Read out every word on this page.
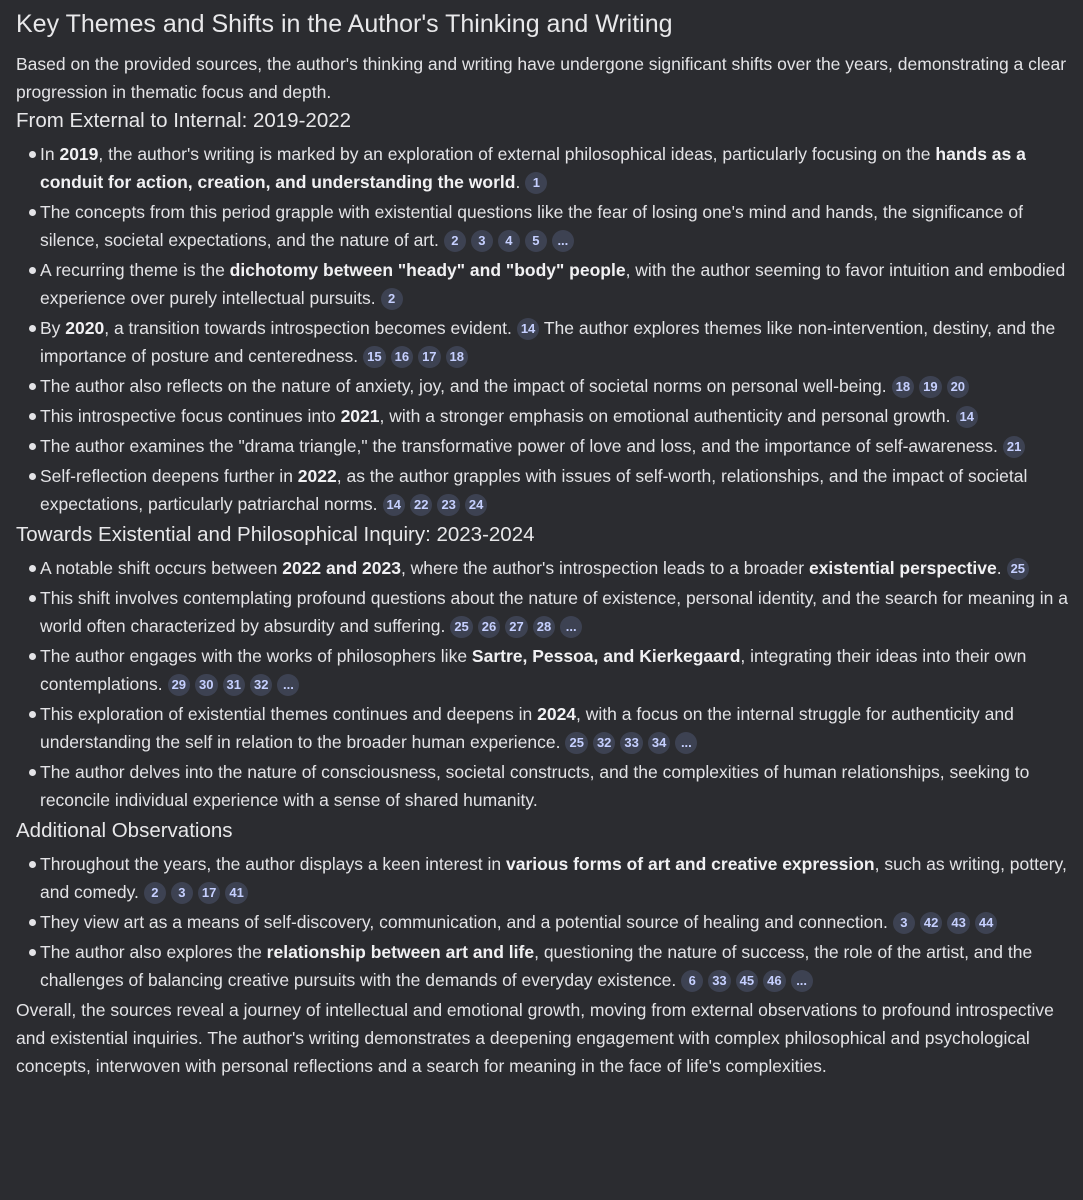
Key Themes and Shifts in the Author's Thinking and Writing

Based on the provided sources, the author's thinking and writing have undergone significant shifts over the years, demonstrating a clear progression in thematic focus and depth.

From External to Internal: 2019-2022
In 2019, the author's writing is marked by an exploration of external philosophical ideas, particularly focusing on the hands as a conduit for action, creation, and understanding the world. 1
The concepts from this period grapple with existential questions like the fear of losing one's mind and hands, the significance of silence, societal expectations, and the nature of art. 2 3 4 5 ...
A recurring theme is the dichotomy between "heady" and "body" people, with the author seeming to favor intuition and embodied experience over purely intellectual pursuits. 2
By 2020, a transition towards introspection becomes evident. 14 The author explores themes like non-intervention, destiny, and the importance of posture and centeredness. 15 16 17 18
The author also reflects on the nature of anxiety, joy, and the impact of societal norms on personal well-being. 18 19 20
This introspective focus continues into 2021, with a stronger emphasis on emotional authenticity and personal growth. 14
The author examines the "drama triangle," the transformative power of love and loss, and the importance of self-awareness. 21
Self-reflection deepens further in 2022, as the author grapples with issues of self-worth, relationships, and the impact of societal expectations, particularly patriarchal norms. 14 22 23 24
Towards Existential and Philosophical Inquiry: 2023-2024
A notable shift occurs between 2022 and 2023, where the author's introspection leads to a broader existential perspective. 25
This shift involves contemplating profound questions about the nature of existence, personal identity, and the search for meaning in a world often characterized by absurdity and suffering. 25 26 27 28 ...
The author engages with the works of philosophers like Sartre, Pessoa, and Kierkegaard, integrating their ideas into their own contemplations. 29 30 31 32 ...
This exploration of existential themes continues and deepens in 2024, with a focus on the internal struggle for authenticity and understanding the self in relation to the broader human experience. 25 32 33 34 ...
The author delves into the nature of consciousness, societal constructs, and the complexities of human relationships, seeking to reconcile individual experience with a sense of shared humanity.
Additional Observations
Throughout the years, the author displays a keen interest in various forms of art and creative expression, such as writing, pottery, and comedy. 2 3 17 41
They view art as a means of self-discovery, communication, and a potential source of healing and connection. 3 42 43 44
The author also explores the relationship between art and life, questioning the nature of success, the role of the artist, and the challenges of balancing creative pursuits with the demands of everyday existence. 6 33 45 46 ...

Overall, the sources reveal a journey of intellectual and emotional growth, moving from external observations to profound introspective and existential inquiries. The author's writing demonstrates a deepening engagement with complex philosophical and psychological concepts, interwoven with personal reflections and a search for meaning in the face of life's complexities.
